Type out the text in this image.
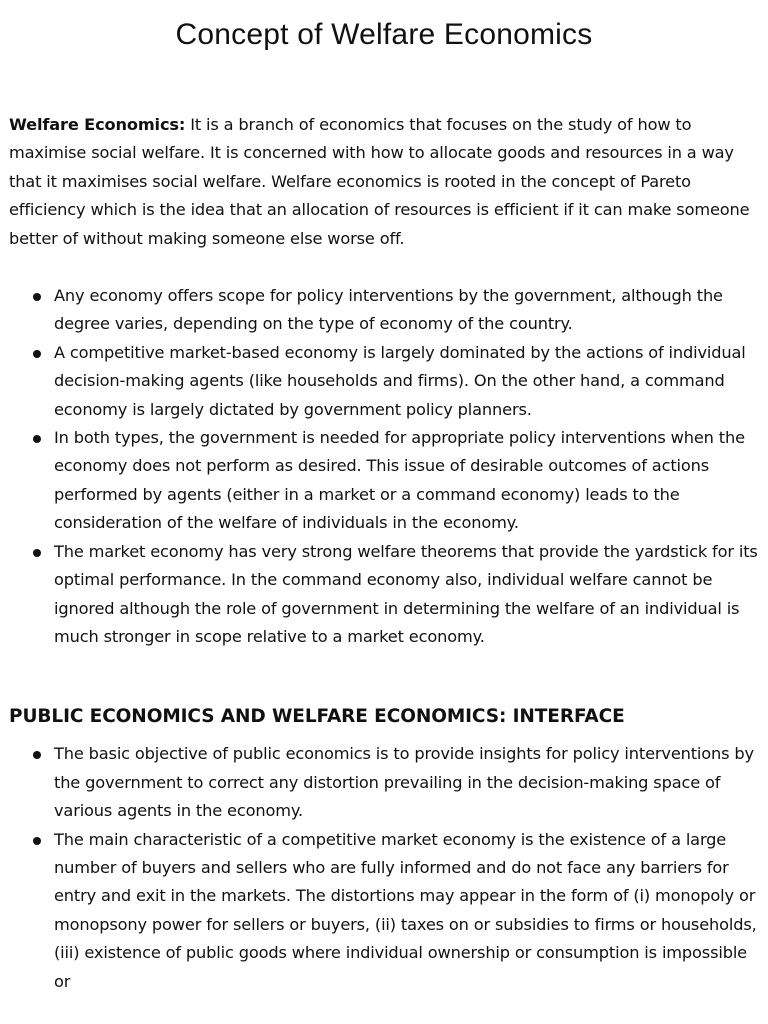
Concept of Welfare Economics

Welfare Economics: It is a branch of economics that focuses on the study of how to maximise social welfare. It is concerned with how to allocate goods and resources in a way that it maximises social welfare. Welfare economics is rooted in the concept of Pareto efficiency which is the idea that an allocation of resources is efficient if it can make someone better of without making someone else worse off.

Any economy offers scope for policy interventions by the government, although the degree varies, depending on the type of economy of the country.
A competitive market-based economy is largely dominated by the actions of individual decision-making agents (like households and firms). On the other hand, a command economy is largely dictated by government policy planners.
In both types, the government is needed for appropriate policy interventions when the economy does not perform as desired. This issue of desirable outcomes of actions performed by agents (either in a market or a command economy) leads to the consideration of the welfare of individuals in the economy.
The market economy has very strong welfare theorems that provide the yardstick for its optimal performance. In the command economy also, individual welfare cannot be ignored although the role of government in determining the welfare of an individual is much stronger in scope relative to a market economy.
PUBLIC ECONOMICS AND WELFARE ECONOMICS: INTERFACE
The basic objective of public economics is to provide insights for policy interventions by the government to correct any distortion prevailing in the decision-making space of various agents in the economy.
The main characteristic of a competitive market economy is the existence of a large number of buyers and sellers who are fully informed and do not face any barriers for entry and exit in the markets. The distortions may appear in the form of (i) monopoly or monopsony power for sellers or buyers, (ii) taxes on or subsidies to firms or households, (iii) existence of public goods where individual ownership or consumption is impossible or
